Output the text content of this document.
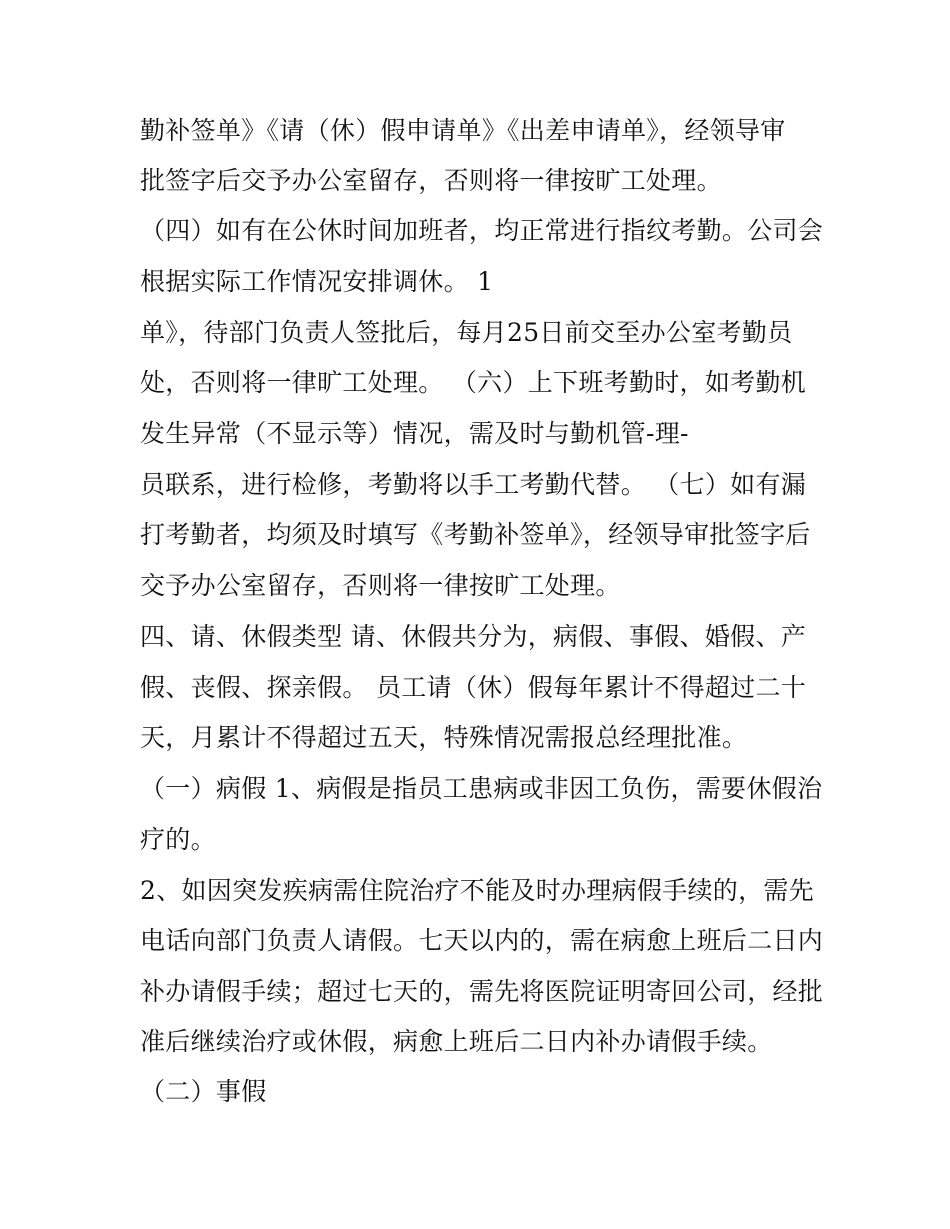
勤补签单》《请（休）假申请单》《出差申请单》，经领导审
批签字后交予办公室留存，否则将一律按旷工处理。
（四）如有在公休时间加班者，均正常进行指纹考勤。公司会
根据实际工作情况安排调休。 1
单》，待部门负责人签批后，每月25日前交至办公室考勤员
处，否则将一律旷工处理。 （六）上下班考勤时，如考勤机
发生异常（不显示等）情况，需及时与勤机管-理-
员联系，进行检修，考勤将以手工考勤代替。 （七）如有漏
打考勤者，均须及时填写《考勤补签单》，经领导审批签字后
交予办公室留存，否则将一律按旷工处理。
四、请、休假类型 请、休假共分为，病假、事假、婚假、产
假、丧假、探亲假。 员工请（休）假每年累计不得超过二十
天，月累计不得超过五天，特殊情况需报总经理批准。
（一）病假 1、病假是指员工患病或非因工负伤，需要休假治
疗的。
2、如因突发疾病需住院治疗不能及时办理病假手续的，需先
电话向部门负责人请假。七天以内的，需在病愈上班后二日内
补办请假手续；超过七天的，需先将医院证明寄回公司，经批
准后继续治疗或休假，病愈上班后二日内补办请假手续。
（二）事假
